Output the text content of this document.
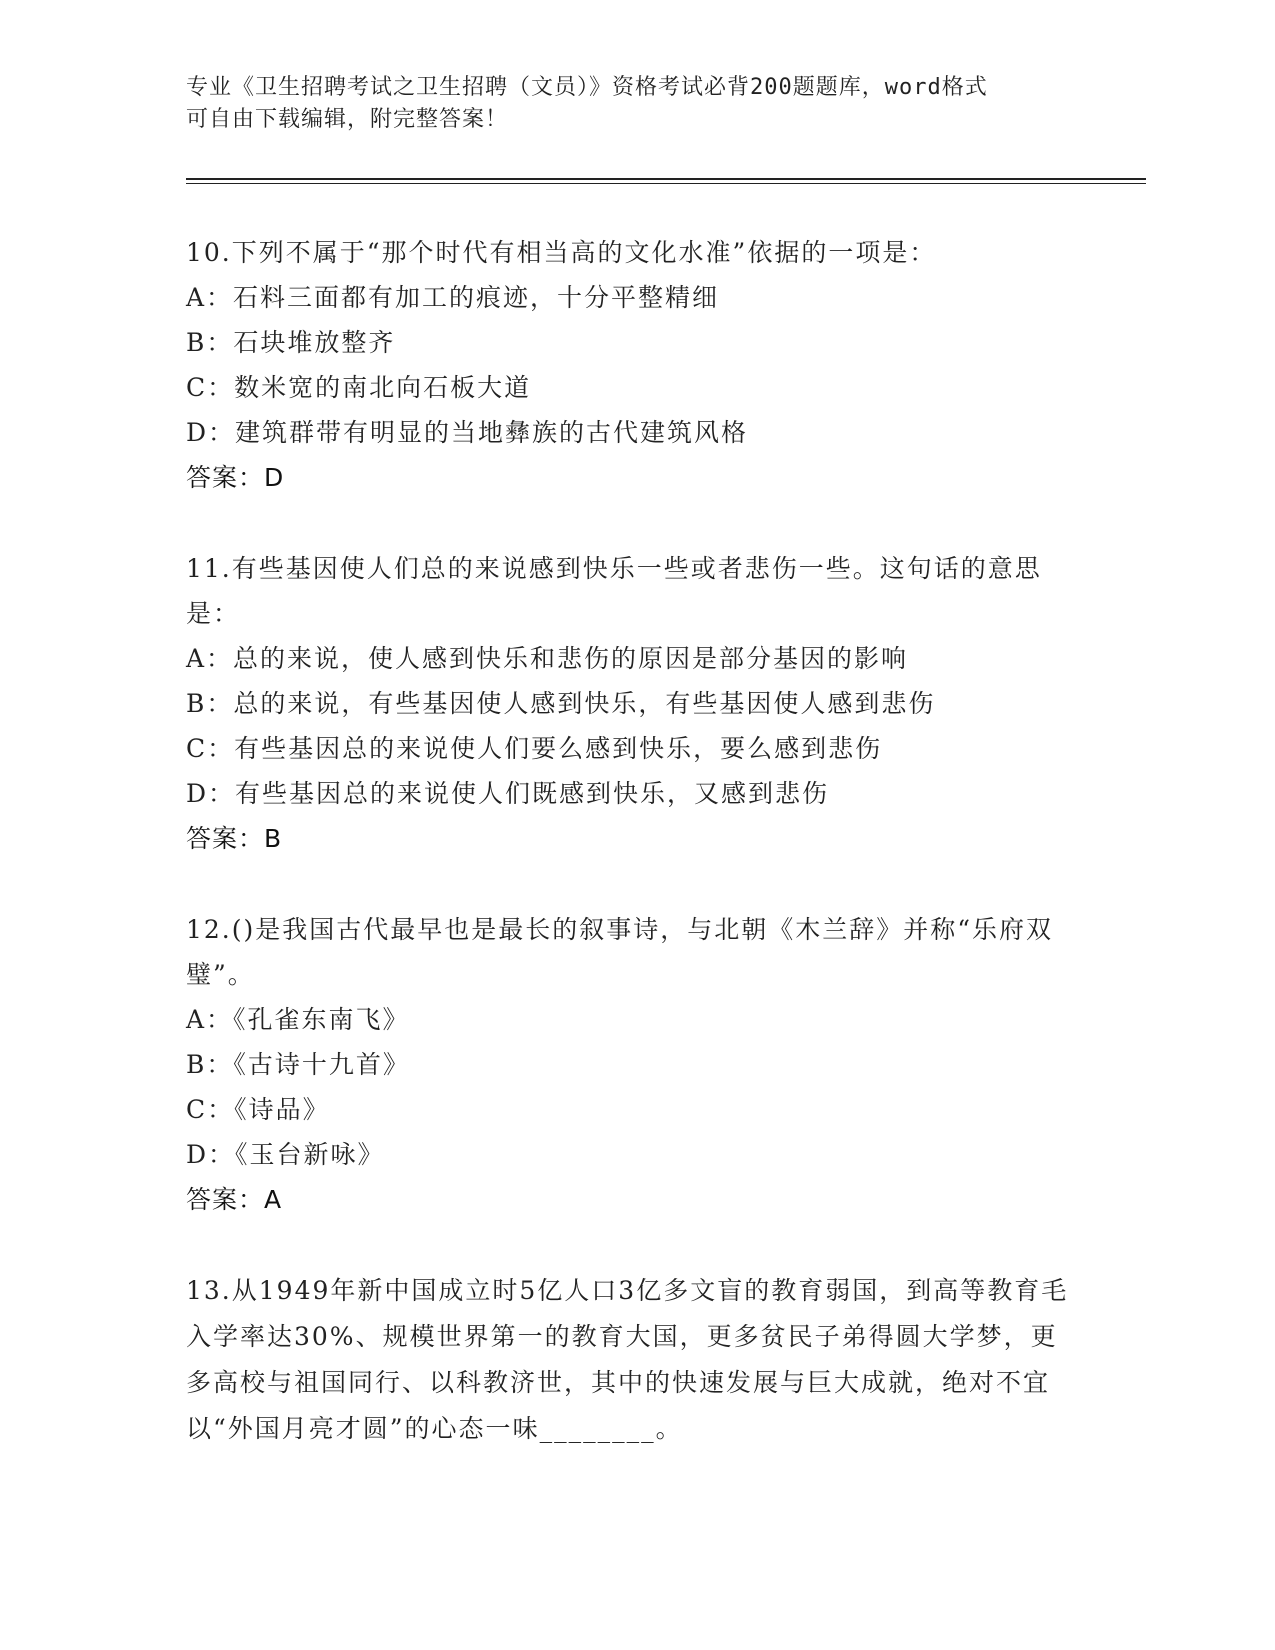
专业《卫生招聘考试之卫生招聘（文员）》资格考试必背200题题库，word格式
可自由下载编辑，附完整答案！
10.下列不属于“那个时代有相当高的文化水准”依据的一项是：
A：石料三面都有加工的痕迹，十分平整精细
B：石块堆放整齐
C：数米宽的南北向石板大道
D：建筑群带有明显的当地彝族的古代建筑风格
答案：D
11.有些基因使人们总的来说感到快乐一些或者悲伤一些。这句话的意思是：
A：总的来说，使人感到快乐和悲伤的原因是部分基因的影响
B：总的来说，有些基因使人感到快乐，有些基因使人感到悲伤
C：有些基因总的来说使人们要么感到快乐，要么感到悲伤
D：有些基因总的来说使人们既感到快乐，又感到悲伤
答案：B
12.()是我国古代最早也是最长的叙事诗，与北朝《木兰辞》并称“乐府双璧”。
A：《孔雀东南飞》
B：《古诗十九首》
C：《诗品》
D：《玉台新咏》
答案：A
13.从1949年新中国成立时5亿人口3亿多文盲的教育弱国，到高等教育毛入学率达30%、规模世界第一的教育大国，更多贫民子弟得圆大学梦，更多高校与祖国同行、以科教济世，其中的快速发展与巨大成就，绝对不宜以“外国月亮才圆”的心态一味________。
